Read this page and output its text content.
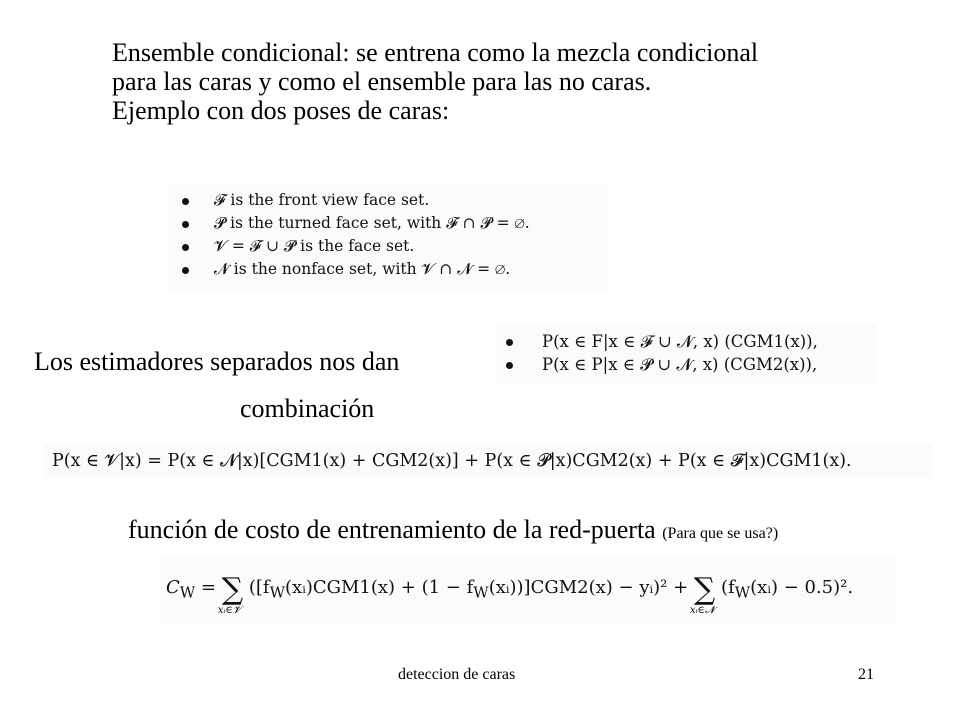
Ensemble condicional: se entrena como la mezcla condicional
para las caras y como el ensemble para las no caras.
Ejemplo con dos poses de caras:
𝓕 is the front view face set.
𝓟 is the turned face set, with 𝓕 ∩ 𝓟 = ∅.
𝓥 = 𝓕 ∪ 𝓟 is the face set.
𝓝 is the nonface set, with 𝓥 ∩ 𝓝 = ∅.
Los estimadores separados nos dan
combinación
P(x ∈ F|x ∈ 𝓕 ∪ 𝓝, x) (CGM1(x)),
P(x ∈ P|x ∈ 𝓟 ∪ 𝓝, x) (CGM2(x)),
P(x ∈ 𝓥|x) = P(x ∈ 𝓝|x)[CGM1(x) + CGM2(x)] + P(x ∈ 𝓟|x)CGM2(x) + P(x ∈ 𝓕|x)CGM1(x).
función de costo de entrenamiento de la red-puerta (Para que se usa?)
$C_W$ = ∑
xᵢ∈𝓥
([$f_W(xᵢ)CGM1(x) + (1$ − $f_W(xᵢ))]CGM2(x)$ − yᵢ)² + ∑
xᵢ∈𝓝
$(f_W(xᵢ) - 0.5)^2$.
deteccion de caras	21
